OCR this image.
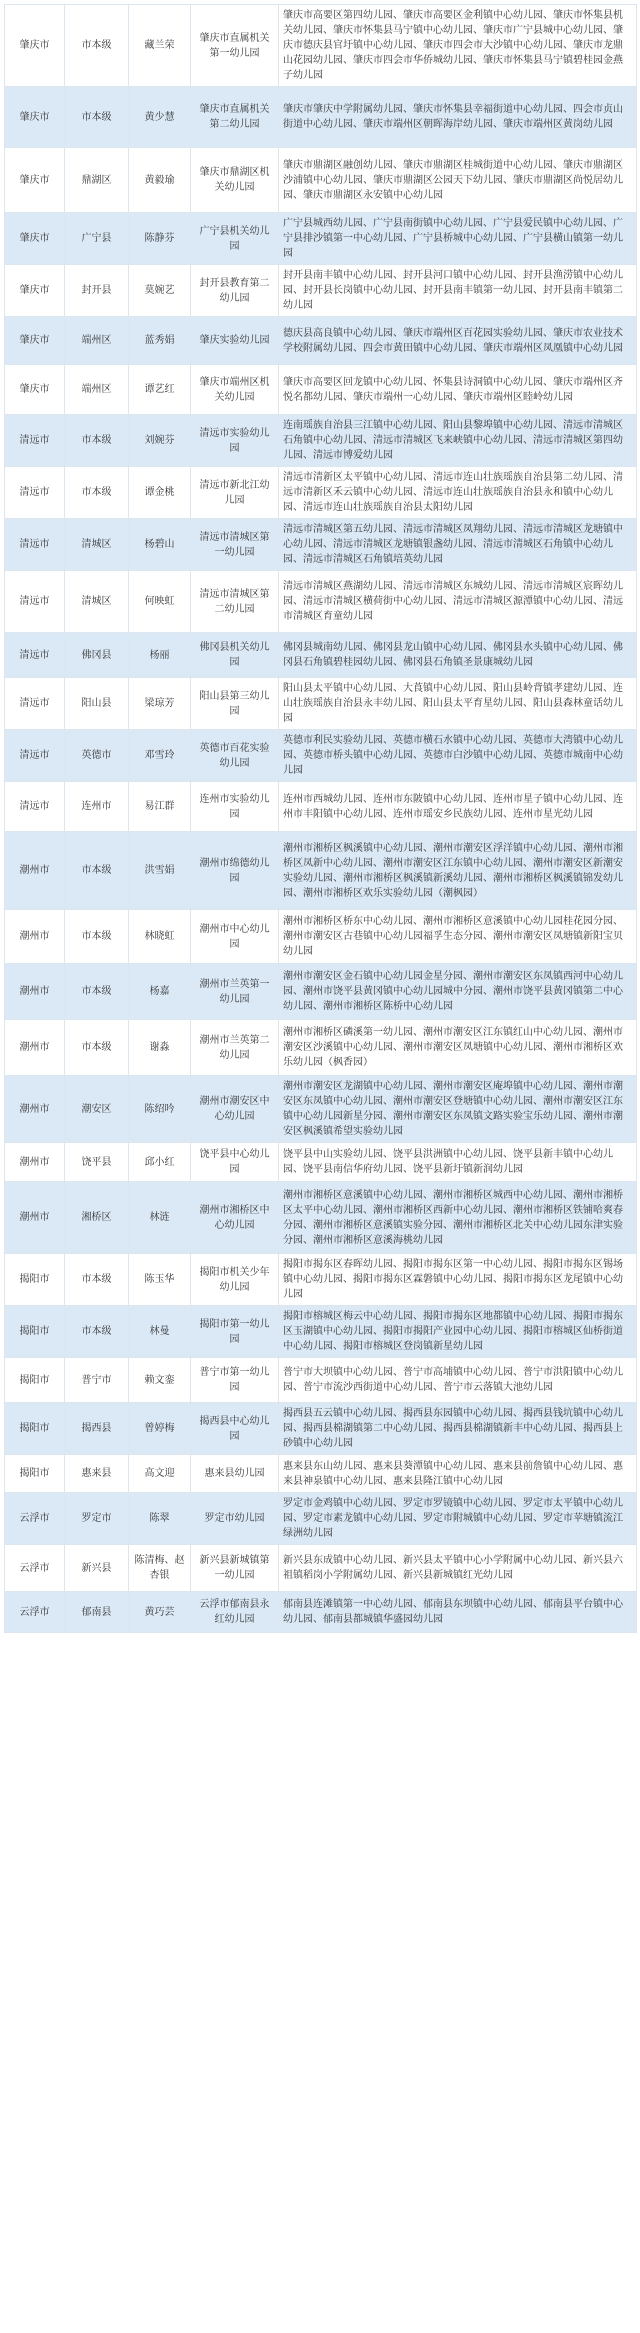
肇庆市	市本级	藏兰荣	肇庆市直属机关第一幼儿园	肇庆市高要区第四幼儿园、肇庆市高要区金利镇中心幼儿园、肇庆市怀集县机关幼儿园、肇庆市怀集县马宁镇中心幼儿园、肇庆市广宁县城中心幼儿园、肇庆市德庆县官圩镇中心幼儿园、肇庆市四会市大沙镇中心幼儿园、肇庆市龙鼎山花园幼儿园、肇庆市四会市华侨城幼儿园、肇庆市怀集县马宁镇碧桂园金燕子幼儿园
肇庆市	市本级	黄少慧	肇庆市直属机关第二幼儿园	肇庆市肇庆中学附属幼儿园、肇庆市怀集县幸福街道中心幼儿园、四会市贞山街道中心幼儿园、肇庆市端州区朝晖海岸幼儿园、肇庆市端州区黄岗幼儿园
肇庆市	鼎湖区	黄毅瑜	肇庆市鼎湖区机关幼儿园	肇庆市鼎湖区融创幼儿园、肇庆市鼎湖区桂城街道中心幼儿园、肇庆市鼎湖区沙浦镇中心幼儿园、肇庆市鼎湖区公园天下幼儿园、肇庆市鼎湖区尚悦居幼儿园、肇庆市鼎湖区永安镇中心幼儿园
肇庆市	广宁县	陈静芬	广宁县机关幼儿园	广宁县城西幼儿园、广宁县南街镇中心幼儿园、广宁县爱民镇中心幼儿园、广宁县排沙镇第一中心幼儿园、广宁县桥城中心幼儿园、广宁县横山镇第一幼儿园
肇庆市	封开县	莫婉艺	封开县教育第二幼儿园	封开县南丰镇中心幼儿园、封开县河口镇中心幼儿园、封开县渔涝镇中心幼儿园、封开县长岗镇中心幼儿园、封开县南丰镇第一幼儿园、封开县南丰镇第二幼儿园
肇庆市	端州区	蓝秀娟	肇庆实验幼儿园	德庆县高良镇中心幼儿园、肇庆市端州区百花园实验幼儿园、肇庆市农业技术学校附属幼儿园、四会市黄田镇中心幼儿园、肇庆市端州区凤凰镇中心幼儿园
肇庆市	端州区	谭艺红	肇庆市端州区机关幼儿园	肇庆市高要区回龙镇中心幼儿园、怀集县诗洞镇中心幼儿园、肇庆市端州区齐悦名都幼儿园、肇庆市端州一心幼儿园、肇庆市端州区睦岭幼儿园
清远市	市本级	刘婉芬	清远市实验幼儿园	连南瑶族自治县三江镇中心幼儿园、阳山县黎埠镇中心幼儿园、清远市清城区石角镇中心幼儿园、清远市清城区飞来峡镇中心幼儿园、清远市清城区第四幼儿园、清远市博爱幼儿园
清远市	市本级	谭金桃	清远市新北江幼儿园	清远市清新区太平镇中心幼儿园、清远市连山壮族瑶族自治县第二幼儿园、清远市清新区禾云镇中心幼儿园、清远市连山壮族瑶族自治县永和镇中心幼儿园、清远市连山壮族瑶族自治县太阳幼儿园
清远市	清城区	杨碧山	清远市清城区第一幼儿园	清远市清城区第五幼儿园、清远市清城区凤翔幼儿园、清远市清城区龙塘镇中心幼儿园、清远市清城区龙塘镇银盏幼儿园、清远市清城区石角镇中心幼儿园、清远市清城区石角镇培英幼儿园
清远市	清城区	何映虹	清远市清城区第二幼儿园	清远市清城区燕湖幼儿园、清远市清城区东城幼儿园、清远市清城区宸晖幼儿园、清远市清城区横荷街中心幼儿园、清远市清城区源潭镇中心幼儿园、清远市清城区育童幼儿园
清远市	佛冈县	杨丽	佛冈县机关幼儿园	佛冈县城南幼儿园、佛冈县龙山镇中心幼儿园、佛冈县水头镇中心幼儿园、佛冈县石角镇碧桂园幼儿园、佛冈县石角镇圣景康城幼儿园
清远市	阳山县	梁琼芳	阳山县第三幼儿园	阳山县太平镇中心幼儿园、大莨镇中心幼儿园、阳山县岭背镇孝建幼儿园、连山壮族瑶族自治县永丰幼儿园、阳山县太平育星幼儿园、阳山县森林童话幼儿园
清远市	英德市	邓雪玲	英德市百花实验幼儿园	英德市利民实验幼儿园、英德市横石水镇中心幼儿园、英德市大湾镇中心幼儿园、英德市桥头镇中心幼儿园、英德市白沙镇中心幼儿园、英德市城南中心幼儿园
清远市	连州市	易江群	连州市实验幼儿园	连州市西城幼儿园、连州市东陂镇中心幼儿园、连州市星子镇中心幼儿园、连州市丰阳镇中心幼儿园、连州市瑶安乡民族幼儿园、连州市星光幼儿园
潮州市	市本级	洪雪娟	潮州市绵德幼儿园	潮州市湘桥区枫溪镇中心幼儿园、潮州市潮安区浮洋镇中心幼儿园、潮州市湘桥区凤新中心幼儿园、潮州市潮安区江东镇中心幼儿园、潮州市潮安区新潮安实验幼儿园、潮州市湘桥区枫溪镇新溪幼儿园、潮州市湘桥区枫溪镇锦发幼儿园、潮州市湘桥区欢乐实验幼儿园（潮枫园）
潮州市	市本级	林晓虹	潮州市中心幼儿园	潮州市湘桥区桥东中心幼儿园、潮州市湘桥区意溪镇中心幼儿园桂花园分园、潮州市潮安区古巷镇中心幼儿园福孚生态分园、潮州市潮安区凤塘镇新阳宝贝幼儿园
潮州市	市本级	杨嘉	潮州市兰英第一幼儿园	潮州市潮安区金石镇中心幼儿园金星分园、潮州市潮安区东凤镇西河中心幼儿园、潮州市饶平县黄冈镇中心幼儿园城中分园、潮州市饶平县黄冈镇第二中心幼儿园、潮州市湘桥区陈桥中心幼儿园
潮州市	市本级	谢淼	潮州市兰英第二幼儿园	潮州市湘桥区磷溪第一幼儿园、潮州市潮安区江东镇红山中心幼儿园、潮州市潮安区沙溪镇中心幼儿园、潮州市潮安区凤塘镇中心幼儿园、潮州市湘桥区欢乐幼儿园（枫香园）
潮州市	潮安区	陈绍吟	潮州市潮安区中心幼儿园	潮州市潮安区龙湖镇中心幼儿园、潮州市潮安区庵埠镇中心幼儿园、潮州市潮安区东凤镇中心幼儿园、潮州市潮安区登塘镇中心幼儿园、潮州市潮安区江东镇中心幼儿园新星分园、潮州市潮安区东凤镇文路实验宝乐幼儿园、潮州市潮安区枫溪镇希望实验幼儿园
潮州市	饶平县	邱小红	饶平县中心幼儿园	饶平县中山实验幼儿园、饶平县洪洲镇中心幼儿园、饶平县新丰镇中心幼儿园、饶平县南信华府幼儿园、饶平县新圩镇新润幼儿园
潮州市	湘桥区	林涟	潮州市湘桥区中心幼儿园	潮州市湘桥区意溪镇中心幼儿园、潮州市湘桥区城西中心幼儿园、潮州市湘桥区太平中心幼儿园、潮州市湘桥区西新中心幼儿园、潮州市湘桥区铁铺哈爽春分园、潮州市湘桥区意溪镇实验分园、潮州市湘桥区北关中心幼儿园东津实验分园、潮州市湘桥区意溪海桃幼儿园
揭阳市	市本级	陈玉华	揭阳市机关少年幼儿园	揭阳市揭东区春晖幼儿园、揭阳市揭东区第一中心幼儿园、揭阳市揭东区锡场镇中心幼儿园、揭阳市揭东区霖磐镇中心幼儿园、揭阳市揭东区龙尾镇中心幼儿园
揭阳市	市本级	林曼	揭阳市第一幼儿园	揭阳市榕城区梅云中心幼儿园、揭阳市揭东区地都镇中心幼儿园、揭阳市揭东区玉湖镇中心幼儿园、揭阳市揭阳产业园中心幼儿园、揭阳市榕城区仙桥街道中心幼儿园、揭阳市榕城区登岗镇新星幼儿园
揭阳市	普宁市	赖文銮	普宁市第一幼儿园	普宁市大坝镇中心幼儿园、普宁市高埔镇中心幼儿园、普宁市洪阳镇中心幼儿园、普宁市流沙西街道中心幼儿园、普宁市云落镇大池幼儿园
揭阳市	揭西县	曾婷梅	揭西县中心幼儿园	揭西县五云镇中心幼儿园、揭西县东园镇中心幼儿园、揭西县钱坑镇中心幼儿园、揭西县棉湖镇第二中心幼儿园、揭西县棉湖镇新丰中心幼儿园、揭西县上砂镇中心幼儿园
揭阳市	惠来县	高文迎	惠来县幼儿园	惠来县东山幼儿园、惠来县葵潭镇中心幼儿园、惠来县前詹镇中心幼儿园、惠来县神泉镇中心幼儿园、惠来县隆江镇中心幼儿园
云浮市	罗定市	陈翠	罗定市幼儿园	罗定市金鸡镇中心幼儿园、罗定市罗镜镇中心幼儿园、罗定市太平镇中心幼儿园、罗定市素龙镇中心幼儿园、罗定市附城镇中心幼儿园、罗定市苹塘镇流江绿洲幼儿园
云浮市	新兴县	陈清梅、赵杏银	新兴县新城镇第一幼儿园	新兴县东成镇中心幼儿园、新兴县太平镇中心小学附属中心幼儿园、新兴县六祖镇稻岗小学附属幼儿园、新兴县新城镇红光幼儿园
云浮市	郁南县	黄巧芸	云浮市郁南县永红幼儿园	郁南县连滩镇第一中心幼儿园、郁南县东坝镇中心幼儿园、郁南县平台镇中心幼儿园、郁南县都城镇华盛园幼儿园
